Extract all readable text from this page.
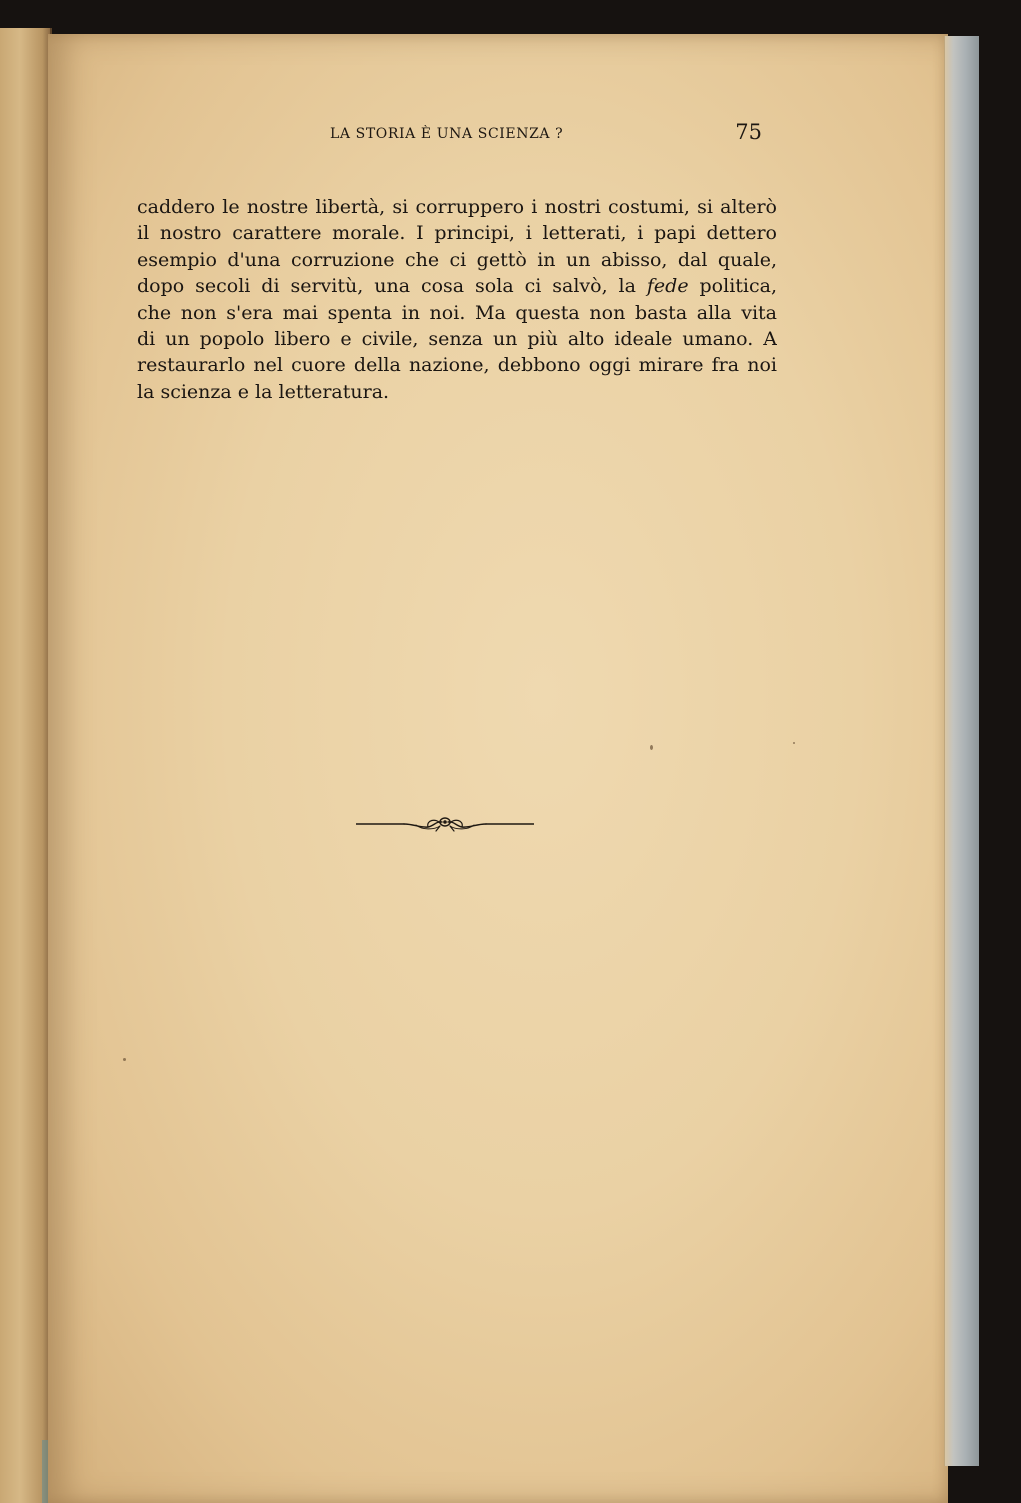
LA STORIA È UNA SCIENZA ?	75
caddero le nostre libertà, si corruppero i nostri costumi, si alterò
il nostro carattere morale. I principi, i letterati, i papi dettero
esempio d'una corruzione che ci gettò in un abisso, dal quale,
dopo secoli di servitù, una cosa sola ci salvò, la fede politica,
che non s'era mai spenta in noi. Ma questa non basta alla vita
di un popolo libero e civile, senza un più alto ideale umano. A
restaurarlo nel cuore della nazione, debbono oggi mirare fra noi
la scienza e la letteratura.
